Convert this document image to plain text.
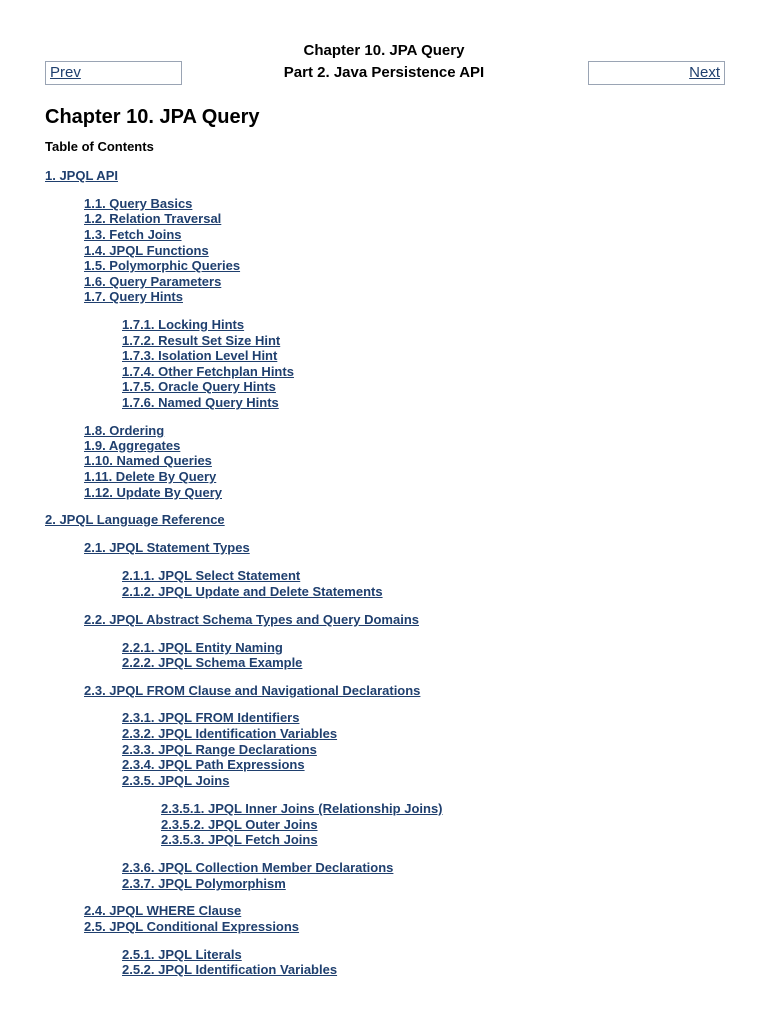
Chapter 10. JPA Query
Part 2. Java Persistence API
Prev	Next
Chapter 10. JPA Query
Table of Contents
1. JPQL API
1.1. Query Basics
1.2. Relation Traversal
1.3. Fetch Joins
1.4. JPQL Functions
1.5. Polymorphic Queries
1.6. Query Parameters
1.7. Query Hints
1.7.1. Locking Hints
1.7.2. Result Set Size Hint
1.7.3. Isolation Level Hint
1.7.4. Other Fetchplan Hints
1.7.5. Oracle Query Hints
1.7.6. Named Query Hints
1.8. Ordering
1.9. Aggregates
1.10. Named Queries
1.11. Delete By Query
1.12. Update By Query
2. JPQL Language Reference
2.1. JPQL Statement Types
2.1.1. JPQL Select Statement
2.1.2. JPQL Update and Delete Statements
2.2. JPQL Abstract Schema Types and Query Domains
2.2.1. JPQL Entity Naming
2.2.2. JPQL Schema Example
2.3. JPQL FROM Clause and Navigational Declarations
2.3.1. JPQL FROM Identifiers
2.3.2. JPQL Identification Variables
2.3.3. JPQL Range Declarations
2.3.4. JPQL Path Expressions
2.3.5. JPQL Joins
2.3.5.1. JPQL Inner Joins (Relationship Joins)
2.3.5.2. JPQL Outer Joins
2.3.5.3. JPQL Fetch Joins
2.3.6. JPQL Collection Member Declarations
2.3.7. JPQL Polymorphism
2.4. JPQL WHERE Clause
2.5. JPQL Conditional Expressions
2.5.1. JPQL Literals
2.5.2. JPQL Identification Variables
